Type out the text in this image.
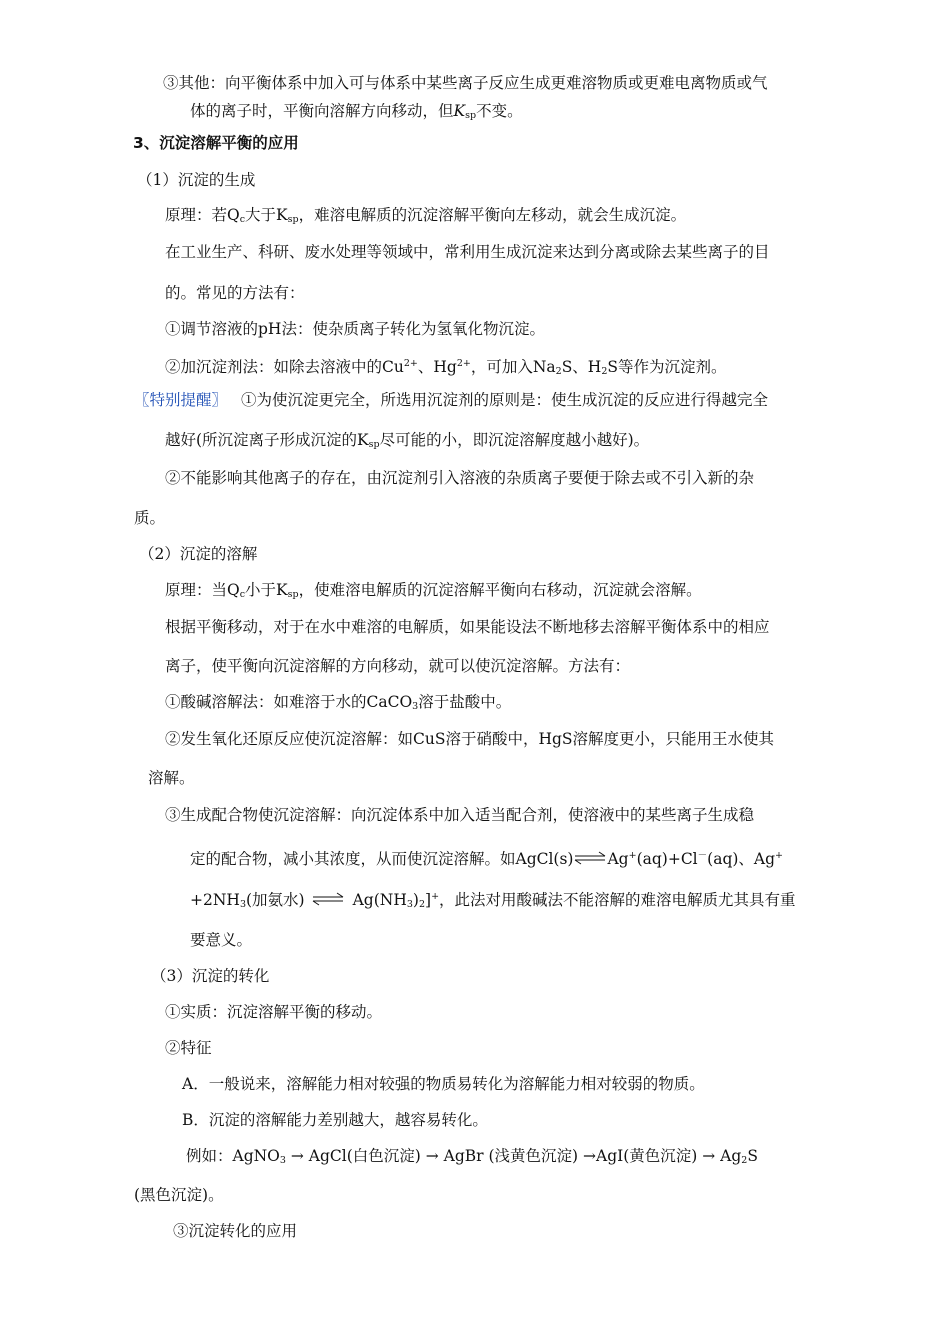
③其他：向平衡体系中加入可与体系中某些离子反应生成更难溶物质或更难电离物质或气
体的离子时，平衡向溶解方向移动，但$K_{sp}$不变。
3、沉淀溶解平衡的应用
（1）沉淀的生成
原理：若$Q_c$大于$K_{sp}$，难溶电解质的沉淀溶解平衡向左移动，就会生成沉淀。
在工业生产、科研、废水处理等领域中，常利用生成沉淀来达到分离或除去某些离子的目
的。常见的方法有：
①调节溶液的pH法：使杂质离子转化为氢氧化物沉淀。
②加沉淀剂法：如除去溶液中的$Cu^{2+}$、$Hg^{2+}$，可加入$Na_2S$、$H_2S$等作为沉淀剂。
〖特别提醒〗 ①为使沉淀更完全，所选用沉淀剂的原则是：使生成沉淀的反应进行得越完全
越好(所沉淀离子形成沉淀的$K_{sp}$尽可能的小，即沉淀溶解度越小越好)。
②不能影响其他离子的存在，由沉淀剂引入溶液的杂质离子要便于除去或不引入新的杂
质。
（2）沉淀的溶解
原理：当$Q_c$小于$K_{sp}$，使难溶电解质的沉淀溶解平衡向右移动，沉淀就会溶解。
根据平衡移动，对于在水中难溶的电解质，如果能设法不断地移去溶解平衡体系中的相应
离子，使平衡向沉淀溶解的方向移动，就可以使沉淀溶解。方法有：
①酸碱溶解法：如难溶于水的CaCO$_3$溶于盐酸中。
②发生氧化还原反应使沉淀溶解：如CuS溶于硝酸中，HgS溶解度更小，只能用王水使其
溶解。
③生成配合物使沉淀溶解：向沉淀体系中加入适当配合剂，使溶液中的某些离子生成稳
定的配合物，减小其浓度，从而使沉淀溶解。如AgCl(s)⇌Ag+(aq)+Cl－(aq)、Ag+
$+2NH_3$(加氨水) ⇌ $Ag(NH_3)_2]^+$，此法对用酸碱法不能溶解的难溶电解质尤其具有重
要意义。
（3）沉淀的转化
①实质：沉淀溶解平衡的移动。
②特征
A．一般说来，溶解能力相对较强的物质易转化为溶解能力相对较弱的物质。
B．沉淀的溶解能力差别越大，越容易转化。
例如：AgNO$_3$ → AgCl(白色沉淀) → AgBr (浅黄色沉淀) →AgI(黄色沉淀) → $Ag_2S$
(黑色沉淀)。
③沉淀转化的应用
